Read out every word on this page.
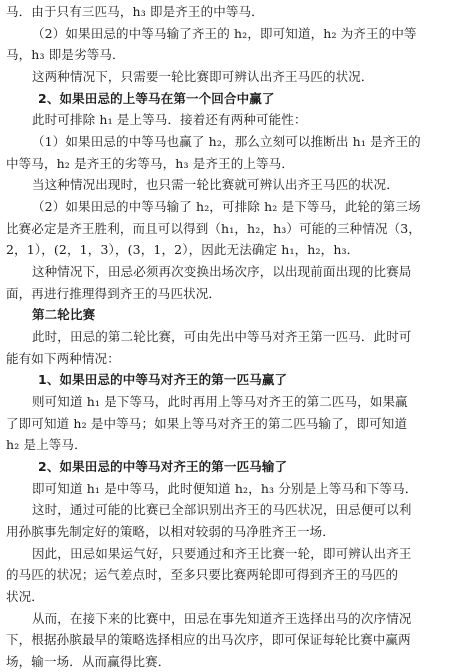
马．由于只有三匹马，h₃ 即是齐王的中等马．
（2）如果田忌的中等马输了齐王的 h₂，即可知道，h₂ 为齐王的中等
马，h₃ 即是劣等马．
这两种情况下，只需要一轮比赛即可辨认出齐王马匹的状况．
2、如果田忌的上等马在第一个回合中赢了
此时可排除 h₁ 是上等马．接着还有两种可能性：
（1）如果田忌的中等马也赢了 h₂，那么立刻可以推断出 h₁ 是齐王的
中等马，h₂ 是齐王的劣等马，h₃ 是齐王的上等马．
当这种情况出现时，也只需一轮比赛就可辨认出齐王马匹的状况．
（2）如果田忌的中等马输了 h₂，可排除 h₂ 是下等马，此轮的第三场
比赛必定是齐王胜利，而且可以得到（h₁，h₂，h₃）可能的三种情况（3，
2，1），(2，1，3），(3，1，2），因此无法确定 h₁，h₂，h₃．
这种情况下，田忌必须再次变换出场次序，以出现前面出现的比赛局
面，再进行推理得到齐王的马匹状况．
第二轮比赛
此时，田忌的第二轮比赛，可由先出中等马对齐王第一匹马．此时可
能有如下两种情况：
1、如果田忌的中等马对齐王的第一匹马赢了
则可知道 h₁ 是下等马，此时再用上等马对齐王的第二匹马，如果赢
了即可知道 h₂ 是中等马；如果上等马对齐王的第二匹马输了，即可知道
h₂ 是上等马．
2、如果田忌的中等马对齐王的第一匹马输了
即可知道 h₁ 是中等马，此时便知道 h₂，h₃ 分别是上等马和下等马．
这时，通过可能的比赛已全部识别出齐王的马匹状况，田忌便可以利
用孙膑事先制定好的策略，以相对较弱的马净胜齐王一场．
因此，田忌如果运气好，只要通过和齐王比赛一轮，即可辨认出齐王
的马匹的状况；运气差点时，至多只要比赛两轮即可得到齐王的马匹的
状况．
从而，在接下来的比赛中，田忌在事先知道齐王选择出马的次序情况
下，根据孙膑最早的策略选择相应的出马次序，即可保证每轮比赛中赢两
场，输一场．从而赢得比赛．
